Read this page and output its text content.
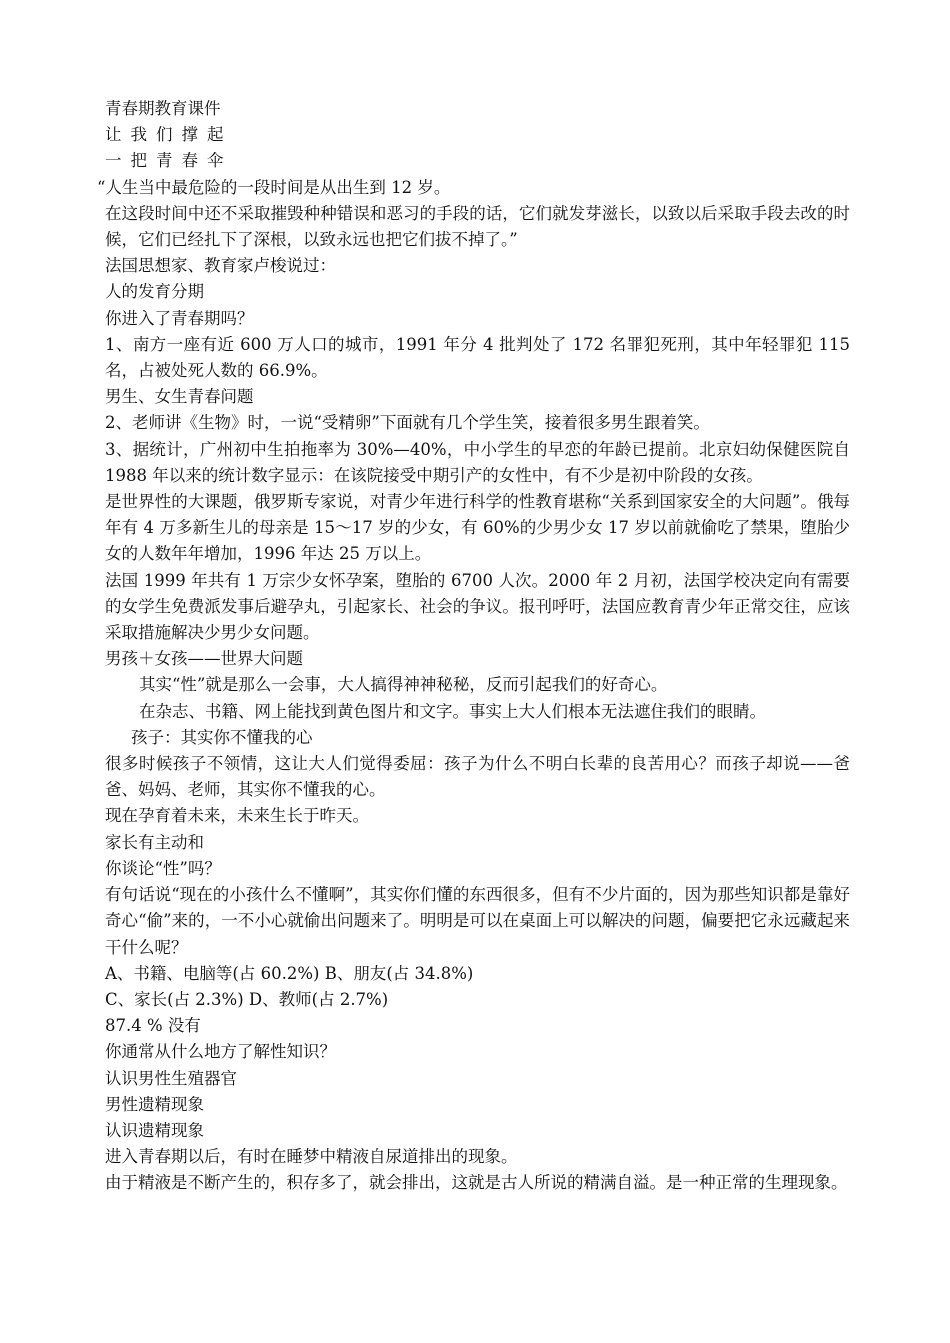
青春期教育课件

让我们撑起

一把青春伞

“人生当中最危险的一段时间是从出生到 12 岁。

在这段时间中还不采取摧毁种种错误和恶习的手段的话，它们就发芽滋长，以致以后采取手段去改的时候，它们已经扎下了深根，以致永远也把它们拔不掉了。”

法国思想家、教育家卢梭说过：

人的发育分期

你进入了青春期吗？

1、南方一座有近 600 万人口的城市，1991 年分 4 批判处了 172 名罪犯死刑，其中年轻罪犯 115 名，占被处死人数的 66.9%。

男生、女生青春问题

2、老师讲《生物》时，一说“受精卵”下面就有几个学生笑，接着很多男生跟着笑。

3、据统计，广州初中生拍拖率为 30%—40%，中小学生的早恋的年龄已提前。北京妇幼保健医院自 1988 年以来的统计数字显示：在该院接受中期引产的女性中，有不少是初中阶段的女孩。

是世界性的大课题，俄罗斯专家说，对青少年进行科学的性教育堪称“关系到国家安全的大问题”。俄每年有 4 万多新生儿的母亲是 15～17 岁的少女，有 60%的少男少女 17 岁以前就偷吃了禁果，堕胎少女的人数年年增加，1996 年达 25 万以上。

法国 1999 年共有 1 万宗少女怀孕案，堕胎的 6700 人次。2000 年 2 月初，法国学校决定向有需要的女学生免费派发事后避孕丸，引起家长、社会的争议。报刊呼吁，法国应教育青少年正常交往，应该采取措施解决少男少女问题。

男孩＋女孩——世界大问题

其实“性”就是那么一会事，大人搞得神神秘秘，反而引起我们的好奇心。

在杂志、书籍、网上能找到黄色图片和文字。事实上大人们根本无法遮住我们的眼睛。

孩子：其实你不懂我的心

很多时候孩子不领情，这让大人们觉得委屈：孩子为什么不明白长辈的良苦用心？而孩子却说——爸爸、妈妈、老师，其实你不懂我的心。

现在孕育着未来，未来生长于昨天。

家长有主动和

你谈论“性”吗？

有句话说“现在的小孩什么不懂啊”，其实你们懂的东西很多，但有不少片面的，因为那些知识都是靠好奇心“偷”来的，一不小心就偷出问题来了。明明是可以在桌面上可以解决的问题，偏要把它永远藏起来干什么呢？

A、书籍、电脑等(占 60.2%) B、朋友(占 34.8%)

C、家长(占 2.3%) D、教师(占 2.7%)

87.4 % 没有

你通常从什么地方了解性知识？

认识男性生殖器官

男性遗精现象

认识遗精现象

进入青春期以后，有时在睡梦中精液自尿道排出的现象。

由于精液是不断产生的，积存多了，就会排出，这就是古人所说的精满自溢。是一种正常的生理现象。
